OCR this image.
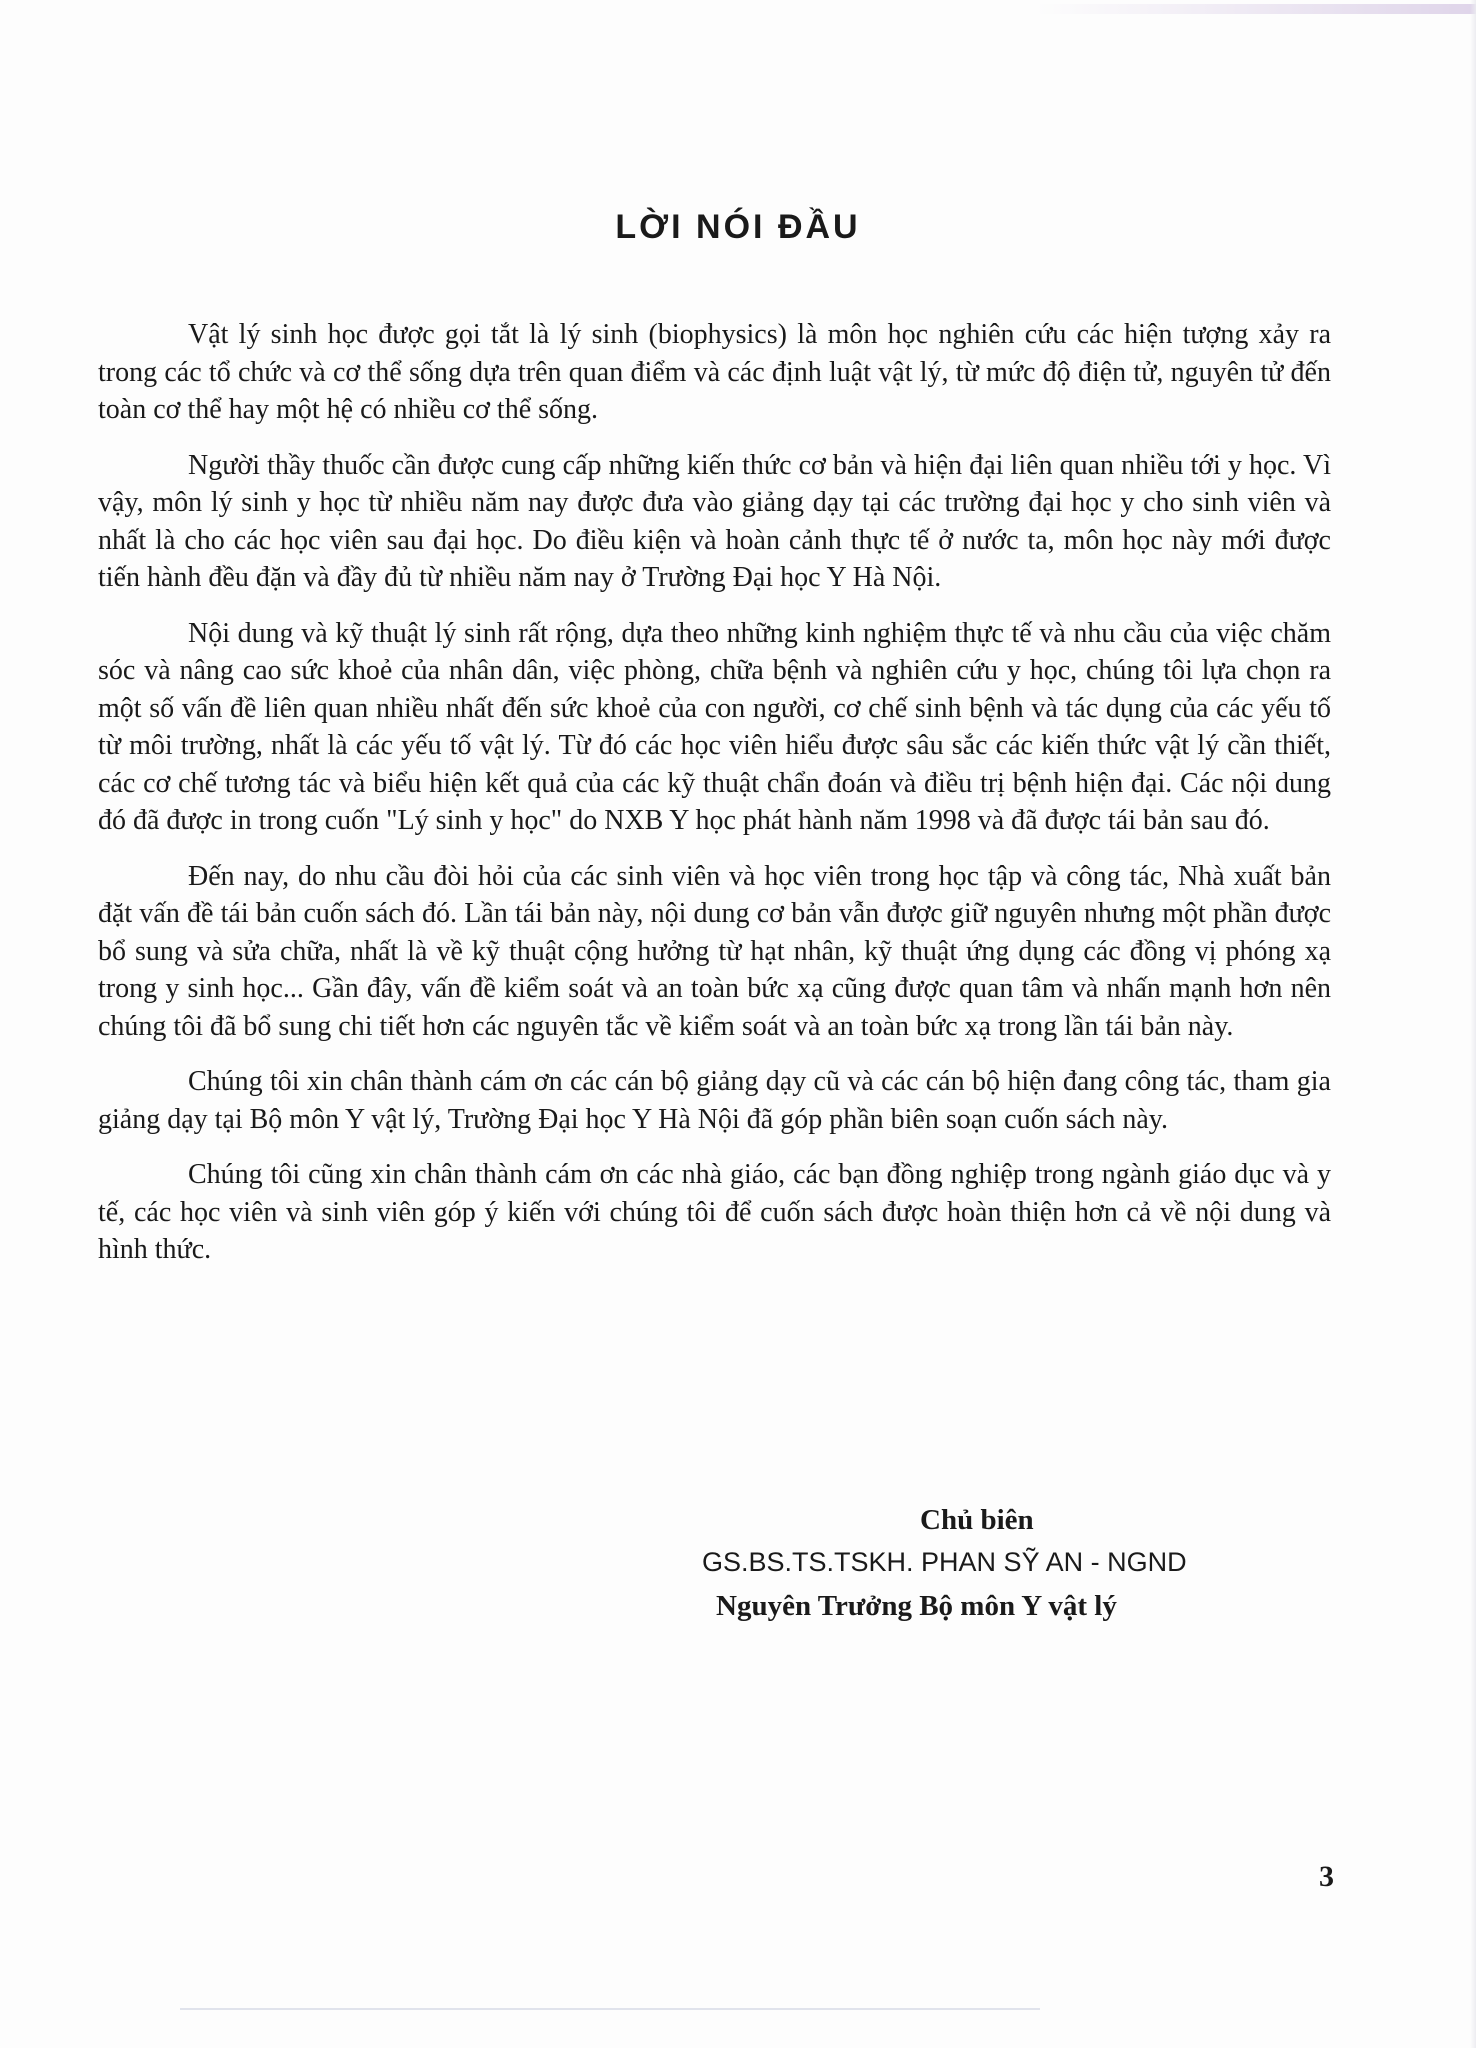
LỜI NÓI ĐẦU

Vật lý sinh học được gọi tắt là lý sinh (biophysics) là môn học nghiên cứu các hiện tượng xảy ra trong các tổ chức và cơ thể sống dựa trên quan điểm và các định luật vật lý, từ mức độ điện tử, nguyên tử đến toàn cơ thể hay một hệ có nhiều cơ thể sống.

Người thầy thuốc cần được cung cấp những kiến thức cơ bản và hiện đại liên quan nhiều tới y học. Vì vậy, môn lý sinh y học từ nhiều năm nay được đưa vào giảng dạy tại các trường đại học y cho sinh viên và nhất là cho các học viên sau đại học. Do điều kiện và hoàn cảnh thực tế ở nước ta, môn học này mới được tiến hành đều đặn và đầy đủ từ nhiều năm nay ở Trường Đại học Y Hà Nội.

Nội dung và kỹ thuật lý sinh rất rộng, dựa theo những kinh nghiệm thực tế và nhu cầu của việc chăm sóc và nâng cao sức khoẻ của nhân dân, việc phòng, chữa bệnh và nghiên cứu y học, chúng tôi lựa chọn ra một số vấn đề liên quan nhiều nhất đến sức khoẻ của con người, cơ chế sinh bệnh và tác dụng của các yếu tố từ môi trường, nhất là các yếu tố vật lý. Từ đó các học viên hiểu được sâu sắc các kiến thức vật lý cần thiết, các cơ chế tương tác và biểu hiện kết quả của các kỹ thuật chẩn đoán và điều trị bệnh hiện đại. Các nội dung đó đã được in trong cuốn "Lý sinh y học" do NXB Y học phát hành năm 1998 và đã được tái bản sau đó.

Đến nay, do nhu cầu đòi hỏi của các sinh viên và học viên trong học tập và công tác, Nhà xuất bản đặt vấn đề tái bản cuốn sách đó. Lần tái bản này, nội dung cơ bản vẫn được giữ nguyên nhưng một phần được bổ sung và sửa chữa, nhất là về kỹ thuật cộng hưởng từ hạt nhân, kỹ thuật ứng dụng các đồng vị phóng xạ trong y sinh học... Gần đây, vấn đề kiểm soát và an toàn bức xạ cũng được quan tâm và nhấn mạnh hơn nên chúng tôi đã bổ sung chi tiết hơn các nguyên tắc về kiểm soát và an toàn bức xạ trong lần tái bản này.

Chúng tôi xin chân thành cám ơn các cán bộ giảng dạy cũ và các cán bộ hiện đang công tác, tham gia giảng dạy tại Bộ môn Y vật lý, Trường Đại học Y Hà Nội đã góp phần biên soạn cuốn sách này.

Chúng tôi cũng xin chân thành cám ơn các nhà giáo, các bạn đồng nghiệp trong ngành giáo dục và y tế, các học viên và sinh viên góp ý kiến với chúng tôi để cuốn sách được hoàn thiện hơn cả về nội dung và hình thức.

Chủ biên
GS.BS.TS.TSKH. PHAN SỸ AN - NGND
Nguyên Trưởng Bộ môn Y vật lý
3
